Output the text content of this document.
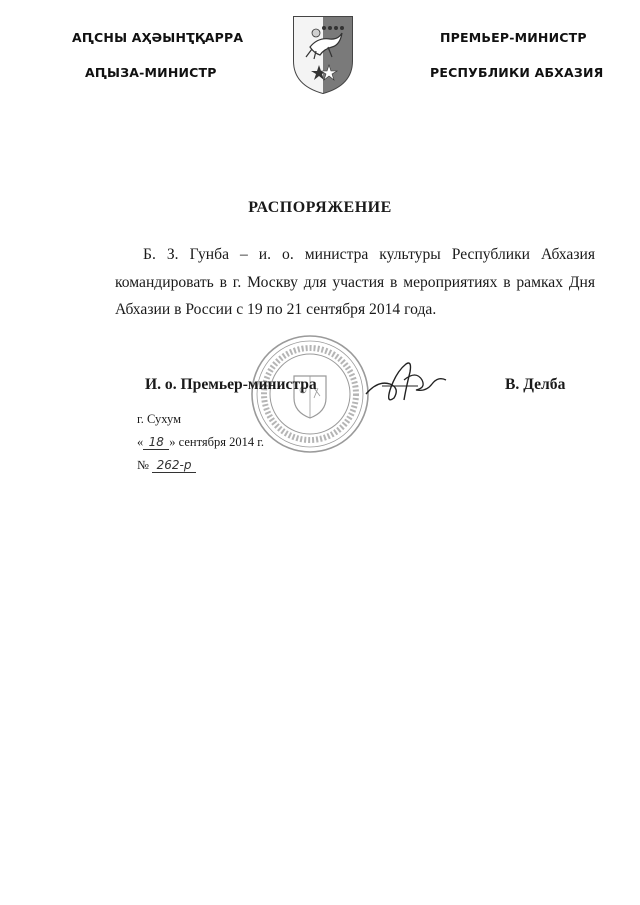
АԤСНЫ АҲӘЫНҬҚАРРА
АԤЫЗА-МИНИСТР
ПРЕМЬЕР-МИНИСТР
РЕСПУБЛИКИ АБХАЗИЯ
РАСПОРЯЖЕНИЕ

Б. З. Гунба – и. о. министра культуры Республики Абхазия командировать в г. Москву для участия в мероприятиях в рамках Дня Абхазии в России с 19 по 21 сентября 2014 года.

И. о. Премьер-министра	В. Делба
г. Сухум
« 18 » сентября 2014 г.
№ 262-р
